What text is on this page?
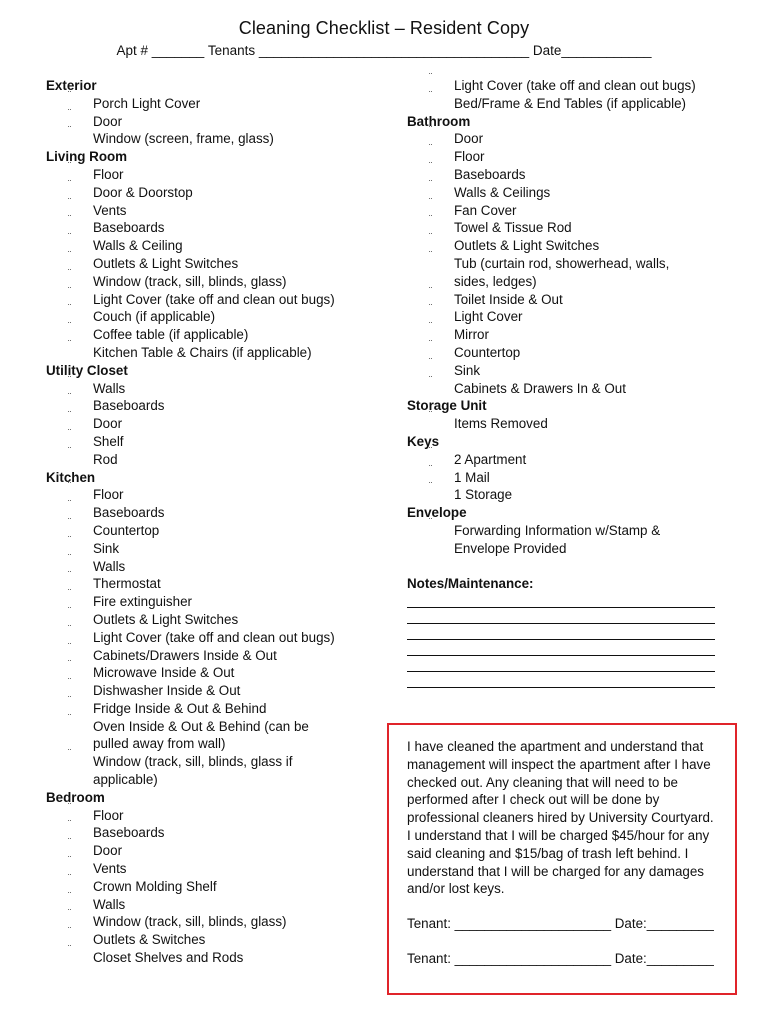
Cleaning Checklist – Resident Copy
Apt # _______ Tenants ____________________________________ Date____________
Exterior
¨
Porch Light Cover
¨
Door
¨
Window (screen, frame, glass)
Living Room
¨
Floor
¨
Door & Doorstop
¨
Vents
¨
Baseboards
¨
Walls & Ceiling
¨
Outlets & Light Switches
¨
Window (track, sill, blinds, glass)
¨
Light Cover (take off and clean out bugs)
¨
Couch (if applicable)
¨
Coffee table (if applicable)
¨
Kitchen Table & Chairs (if applicable)
Utility Closet
¨
Walls
¨
Baseboards
¨
Door
¨
Shelf
¨
Rod
Kitchen
¨
Floor
¨
Baseboards
¨
Countertop
¨
Sink
¨
Walls
¨
Thermostat
¨
Fire extinguisher
¨
Outlets & Light Switches
¨
Light Cover (take off and clean out bugs)
¨
Cabinets/Drawers Inside & Out
¨
Microwave Inside & Out
¨
Dishwasher Inside & Out
¨
Fridge Inside & Out & Behind
¨
Oven Inside & Out & Behind (can be
pulled away from wall)
¨
Window (track, sill, blinds, glass if
applicable)
Bedroom
¨
Floor
¨
Baseboards
¨
Door
¨
Vents
¨
Crown Molding Shelf
¨
Walls
¨
Window (track, sill, blinds, glass)
¨
Outlets & Switches
¨
Closet Shelves and Rods
¨
Light Cover (take off and clean out bugs)
¨
Bed/Frame & End Tables (if applicable)
Bathroom
¨
Door
¨
Floor
¨
Baseboards
¨
Walls & Ceilings
¨
Fan Cover
¨
Towel & Tissue Rod
¨
Outlets & Light Switches
¨
Tub (curtain rod, showerhead, walls,
sides, ledges)
¨
Toilet Inside & Out
¨
Light Cover
¨
Mirror
¨
Countertop
¨
Sink
¨
Cabinets & Drawers In & Out
Storage Unit
¨
Items Removed
Keys
¨
2 Apartment
¨
1 Mail
¨
1 Storage
Envelope
¨
Forwarding Information w/Stamp &
Envelope Provided
Notes/Maintenance:
I have cleaned the apartment and understand that management will inspect the apartment after I have checked out. Any cleaning that will need to be performed after I check out will be done by professional cleaners hired by University Courtyard. I understand that I will be charged $45/hour for any said cleaning and $15/bag of trash left behind. I understand that I will be charged for any damages and/or lost keys.
Tenant: _____________________ Date:_________
Tenant: _____________________ Date:_________
